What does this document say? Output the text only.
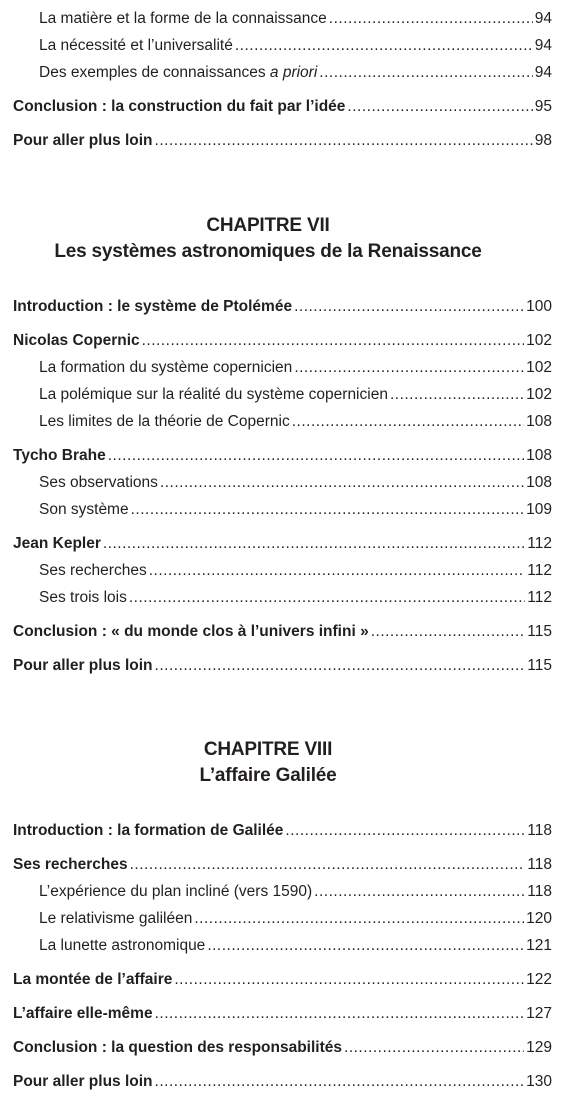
La matière et la forme de la connaissance .....	94
La nécessité et l’universalité .....	94
Des exemples de connaissances a priori .....	94
Conclusion : la construction du fait par l’idée .....	95
Pour aller plus loin .....	98
CHAPITRE VII
Les systèmes astronomiques de la Renaissance
Introduction : le système de Ptolémée .....	100
Nicolas Copernic .....	102
La formation du système copernicien .....	102
La polémique sur la réalité du système copernicien .....	102
Les limites de la théorie de Copernic .....	108
Tycho Brahe .....	108
Ses observations .....	108
Son système .....	109
Jean Kepler .....	112
Ses recherches .....	112
Ses trois lois .....	112
Conclusion : « du monde clos à l’univers infini » .....	115
Pour aller plus loin .....	115
CHAPITRE VIII
L’affaire Galilée
Introduction : la formation de Galilée .....	118
Ses recherches .....	118
L’expérience du plan incliné (vers 1590) .....	118
Le relativisme galiléen .....	120
La lunette astronomique .....	121
La montée de l’affaire .....	122
L’affaire elle-même .....	127
Conclusion : la question des responsabilités .....	129
Pour aller plus loin .....	130
